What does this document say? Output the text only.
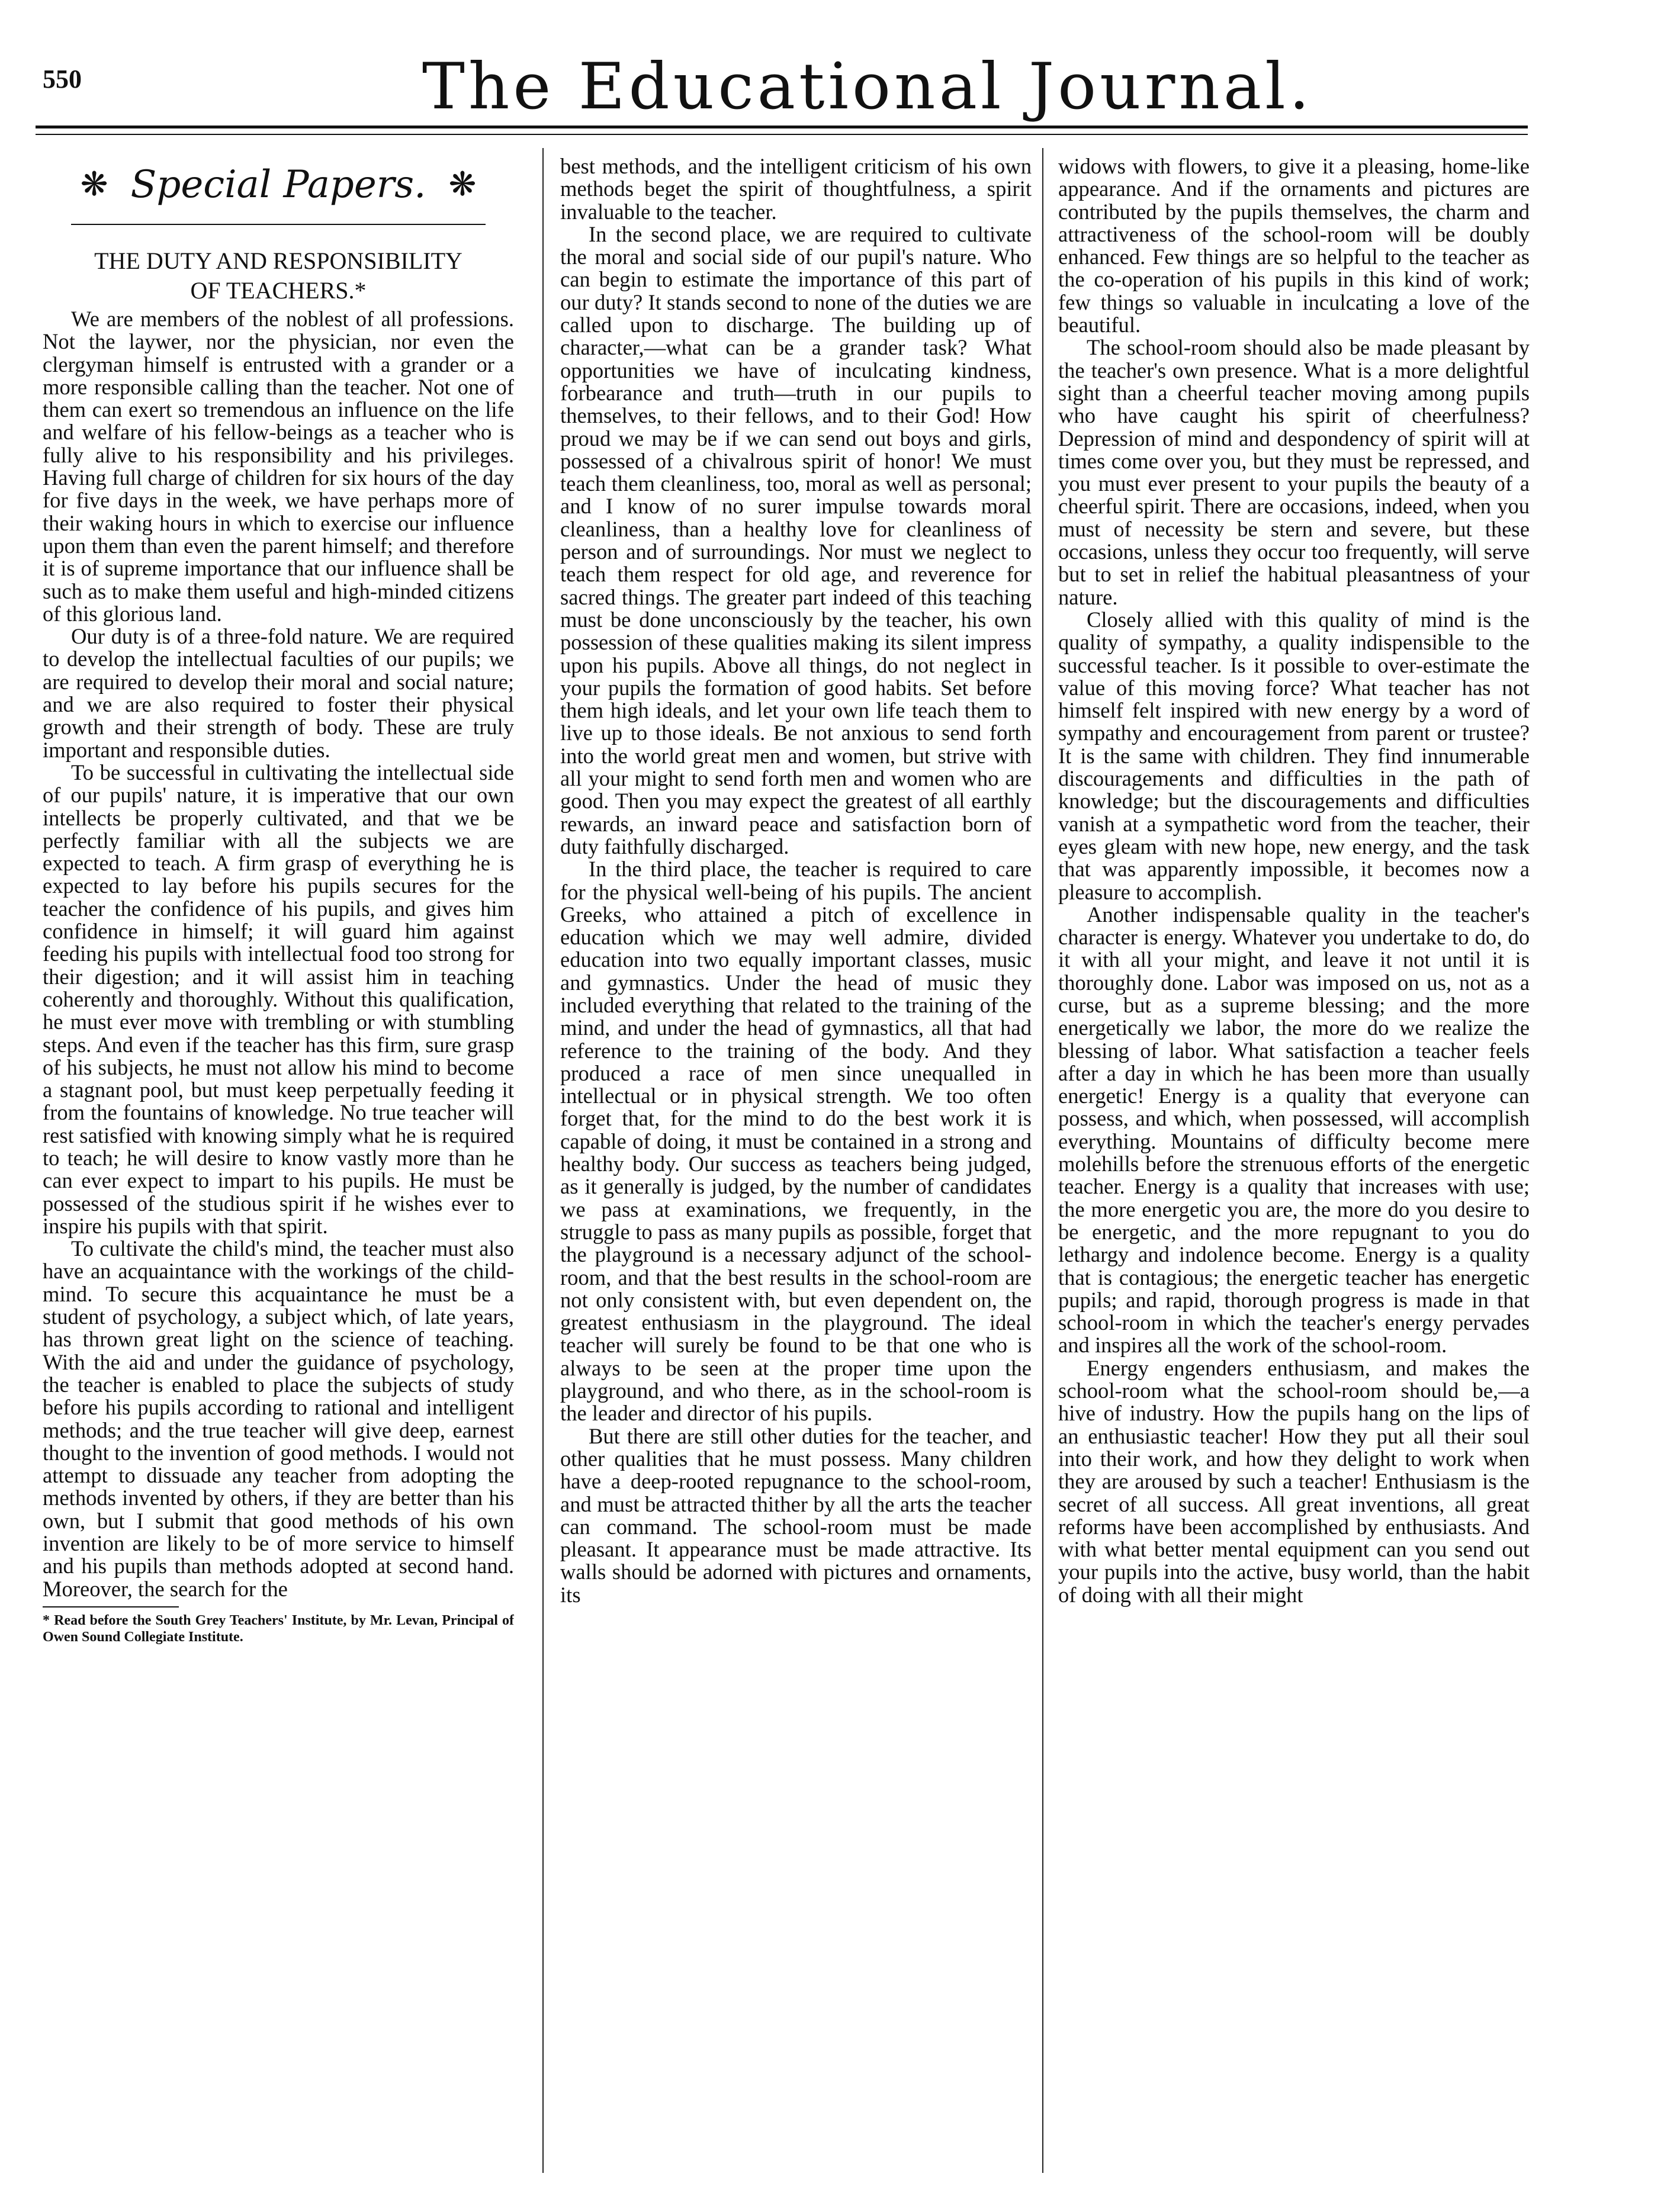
550	The Educational Journal.
❋ Special Papers. ❋
THE DUTY AND RESPONSIBILITY
OF TEACHERS.*

We are members of the noblest of all professions. Not the laywer, nor the physician, nor even the clergyman himself is entrusted with a grander or a more responsible calling than the teacher. Not one of them can exert so tremendous an influence on the life and welfare of his fellow-beings as a teacher who is fully alive to his responsibility and his privileges. Having full charge of children for six hours of the day for five days in the week, we have perhaps more of their waking hours in which to exercise our influence upon them than even the parent himself; and therefore it is of supreme importance that our influence shall be such as to make them useful and high-minded citizens of this glorious land.

Our duty is of a three-fold nature. We are required to develop the intellectual faculties of our pupils; we are required to develop their moral and social nature; and we are also required to foster their physical growth and their strength of body. These are truly important and responsible duties.

To be successful in cultivating the intellectual side of our pupils' nature, it is imperative that our own intellects be properly cultivated, and that we be perfectly familiar with all the subjects we are expected to teach. A firm grasp of everything he is expected to lay before his pupils secures for the teacher the confidence of his pupils, and gives him confidence in himself; it will guard him against feeding his pupils with intellectual food too strong for their digestion; and it will assist him in teaching coherently and thoroughly. Without this qualification, he must ever move with trembling or with stumbling steps. And even if the teacher has this firm, sure grasp of his subjects, he must not allow his mind to become a stagnant pool, but must keep perpetually feeding it from the fountains of knowledge. No true teacher will rest satisfied with knowing simply what he is required to teach; he will desire to know vastly more than he can ever expect to impart to his pupils. He must be possessed of the studious spirit if he wishes ever to inspire his pupils with that spirit.

To cultivate the child's mind, the teacher must also have an acquaintance with the workings of the child-mind. To secure this acquaintance he must be a student of psychology, a subject which, of late years, has thrown great light on the science of teaching. With the aid and under the guidance of psychology, the teacher is enabled to place the subjects of study before his pupils according to rational and intelligent methods; and the true teacher will give deep, earnest thought to the invention of good methods. I would not attempt to dissuade any teacher from adopting the methods invented by others, if they are better than his own, but I submit that good methods of his own invention are likely to be of more service to himself and his pupils than methods adopted at second hand. Moreover, the search for the

* Read before the South Grey Teachers' Institute, by Mr. Levan, Principal of Owen Sound Collegiate Institute.

best methods, and the intelligent criticism of his own methods beget the spirit of thoughtfulness, a spirit invaluable to the teacher.

In the second place, we are required to cultivate the moral and social side of our pupil's nature. Who can begin to estimate the importance of this part of our duty? It stands second to none of the duties we are called upon to discharge. The building up of character,—what can be a grander task? What opportunities we have of inculcating kindness, forbearance and truth—truth in our pupils to themselves, to their fellows, and to their God! How proud we may be if we can send out boys and girls, possessed of a chivalrous spirit of honor! We must teach them cleanliness, too, moral as well as personal; and I know of no surer impulse towards moral cleanliness, than a healthy love for cleanliness of person and of surroundings. Nor must we neglect to teach them respect for old age, and reverence for sacred things. The greater part indeed of this teaching must be done unconsciously by the teacher, his own possession of these qualities making its silent impress upon his pupils. Above all things, do not neglect in your pupils the formation of good habits. Set before them high ideals, and let your own life teach them to live up to those ideals. Be not anxious to send forth into the world great men and women, but strive with all your might to send forth men and women who are good. Then you may expect the greatest of all earthly rewards, an inward peace and satisfaction born of duty faithfully discharged.

In the third place, the teacher is required to care for the physical well-being of his pupils. The ancient Greeks, who attained a pitch of excellence in education which we may well admire, divided education into two equally important classes, music and gymnastics. Under the head of music they included everything that related to the training of the mind, and under the head of gymnastics, all that had reference to the training of the body. And they produced a race of men since unequalled in intellectual or in physical strength. We too often forget that, for the mind to do the best work it is capable of doing, it must be contained in a strong and healthy body. Our success as teachers being judged, as it generally is judged, by the number of candidates we pass at examinations, we frequently, in the struggle to pass as many pupils as possible, forget that the playground is a necessary adjunct of the school-room, and that the best results in the school-room are not only consistent with, but even dependent on, the greatest enthusiasm in the playground. The ideal teacher will surely be found to be that one who is always to be seen at the proper time upon the playground, and who there, as in the school-room is the leader and director of his pupils.

But there are still other duties for the teacher, and other qualities that he must possess. Many children have a deep-rooted repugnance to the school-room, and must be attracted thither by all the arts the teacher can command. The school-room must be made pleasant. It appearance must be made attractive. Its walls should be adorned with pictures and ornaments, its

widows with flowers, to give it a pleasing, home-like appearance. And if the ornaments and pictures are contributed by the pupils themselves, the charm and attractiveness of the school-room will be doubly enhanced. Few things are so helpful to the teacher as the co-operation of his pupils in this kind of work; few things so valuable in inculcating a love of the beautiful.

The school-room should also be made pleasant by the teacher's own presence. What is a more delightful sight than a cheerful teacher moving among pupils who have caught his spirit of cheerfulness? Depression of mind and despondency of spirit will at times come over you, but they must be repressed, and you must ever present to your pupils the beauty of a cheerful spirit. There are occasions, indeed, when you must of necessity be stern and severe, but these occasions, unless they occur too frequently, will serve but to set in relief the habitual pleasantness of your nature.

Closely allied with this quality of mind is the quality of sympathy, a quality indispensible to the successful teacher. Is it possible to over-estimate the value of this moving force? What teacher has not himself felt inspired with new energy by a word of sympathy and encouragement from parent or trustee? It is the same with children. They find innumerable discouragements and difficulties in the path of knowledge; but the discouragements and difficulties vanish at a sympathetic word from the teacher, their eyes gleam with new hope, new energy, and the task that was apparently impossible, it becomes now a pleasure to accomplish.

Another indispensable quality in the teacher's character is energy. Whatever you undertake to do, do it with all your might, and leave it not until it is thoroughly done. Labor was imposed on us, not as a curse, but as a supreme blessing; and the more energetically we labor, the more do we realize the blessing of labor. What satisfaction a teacher feels after a day in which he has been more than usually energetic! Energy is a quality that everyone can possess, and which, when possessed, will accomplish everything. Mountains of difficulty become mere molehills before the strenuous efforts of the energetic teacher. Energy is a quality that increases with use; the more energetic you are, the more do you desire to be energetic, and the more repugnant to you do lethargy and indolence become. Energy is a quality that is contagious; the energetic teacher has energetic pupils; and rapid, thorough progress is made in that school-room in which the teacher's energy pervades and inspires all the work of the school-room.

Energy engenders enthusiasm, and makes the school-room what the school-room should be,—a hive of industry. How the pupils hang on the lips of an enthusiastic teacher! How they put all their soul into their work, and how they delight to work when they are aroused by such a teacher! Enthusiasm is the secret of all success. All great inventions, all great reforms have been accomplished by enthusiasts. And with what better mental equipment can you send out your pupils into the active, busy world, than the habit of doing with all their might
